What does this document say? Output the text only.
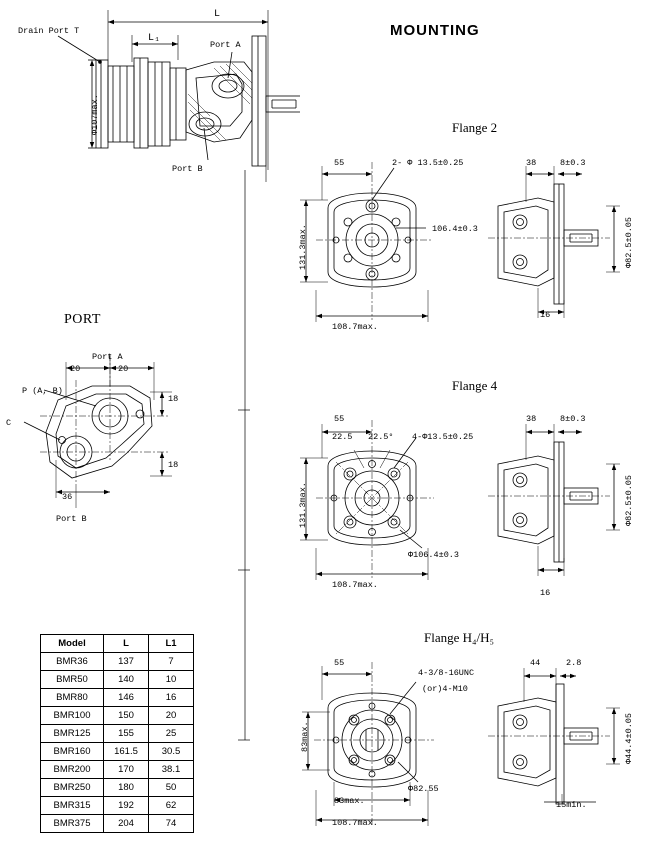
MOUNTING
Drain Port T
Port A
Port B
Φ107max.
L
L₁
PORT
Port A
20	20
P (A, B)
C
18
18
36
Port B
Flange 2
55	2- Φ 13.5±0.25
131.3max.	106.4±0.3
108.7max.
38	8±0.3
16
Φ82.5±0.05
Flange 4
55
22.5 22.5° 4-Φ13.5±0.25
131.3max.
Φ106.4±0.3
108.7max.
38	8±0.3
16
Φ82.5±0.05
Flange H₄/H₅
55
4-3/8-16UNC
(or)4-M10
83max.
Φ82.55
83max.
108.7max.
44	2.8
15min.
Φ44.4±0.05
Model	L	L1
BMR36	137	7
BMR50	140	10
BMR80	146	16
BMR100	150	20
BMR125	155	25
BMR160	161.5	30.5
BMR200	170	38.1
BMR250	180	50
BMR315	192	62
BMR375	204	74
